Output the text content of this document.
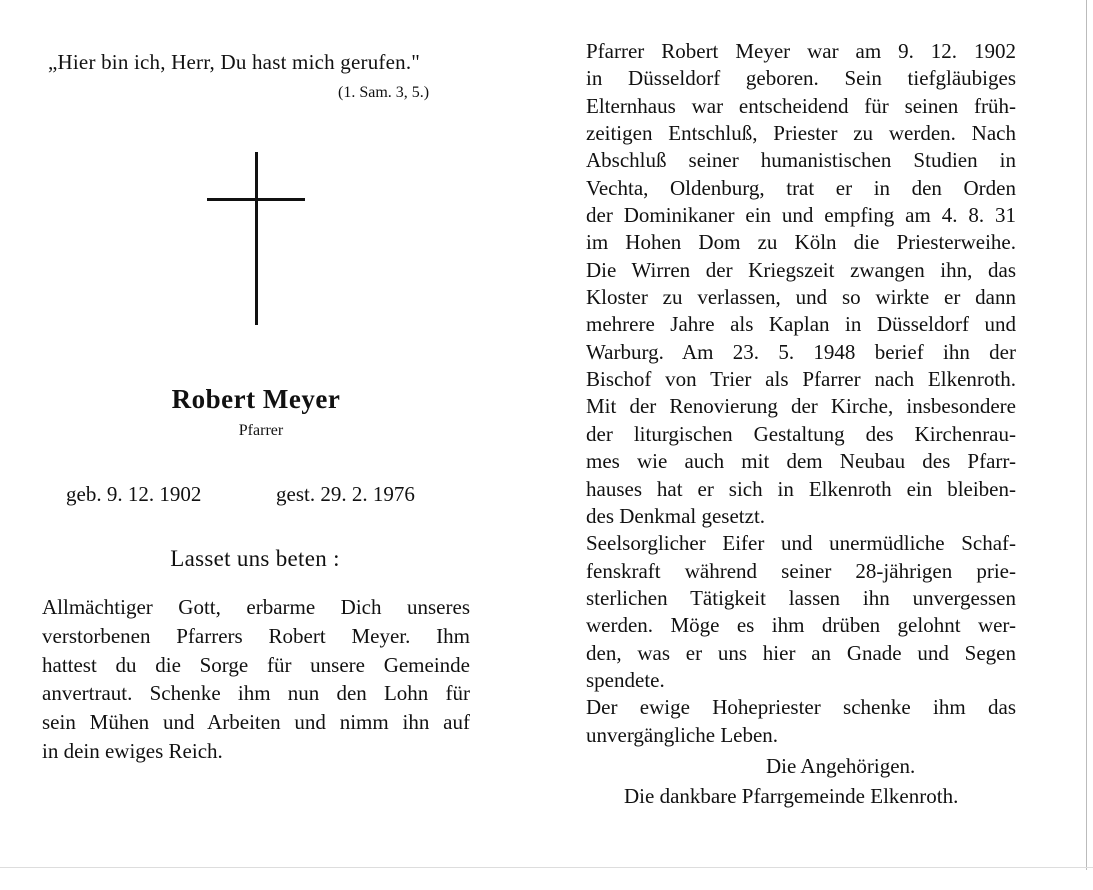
„Hier bin ich, Herr, Du hast mich gerufen."
(1. Sam. 3, 5.)
Robert Meyer
Pfarrer
geb. 9. 12. 1902	gest. 29. 2. 1976
Lasset uns beten :
Allmächtiger Gott, erbarme Dich unseres
verstorbenen Pfarrers Robert Meyer. Ihm
hattest du die Sorge für unsere Gemeinde
anvertraut. Schenke ihm nun den Lohn für
sein Mühen und Arbeiten und nimm ihn auf
in dein ewiges Reich.
Pfarrer Robert Meyer war am 9. 12. 1902
in Düsseldorf geboren. Sein tiefgläubiges
Elternhaus war entscheidend für seinen früh-
zeitigen Entschluß, Priester zu werden. Nach
Abschluß seiner humanistischen Studien in
Vechta, Oldenburg, trat er in den Orden
der Dominikaner ein und empfing am 4. 8. 31
im Hohen Dom zu Köln die Priesterweihe.
Die Wirren der Kriegszeit zwangen ihn, das
Kloster zu verlassen, und so wirkte er dann
mehrere Jahre als Kaplan in Düsseldorf und
Warburg. Am 23. 5. 1948 berief ihn der
Bischof von Trier als Pfarrer nach Elkenroth.
Mit der Renovierung der Kirche, insbesondere
der liturgischen Gestaltung des Kirchenrau-
mes wie auch mit dem Neubau des Pfarr-
hauses hat er sich in Elkenroth ein bleiben-
des Denkmal gesetzt.
Seelsorglicher Eifer und unermüdliche Schaf-
fenskraft während seiner 28-jährigen prie-
sterlichen Tätigkeit lassen ihn unvergessen
werden. Möge es ihm drüben gelohnt wer-
den, was er uns hier an Gnade und Segen
spendete.
Der ewige Hohepriester schenke ihm das
unvergängliche Leben.
Die Angehörigen.
Die dankbare Pfarrgemeinde Elkenroth.
